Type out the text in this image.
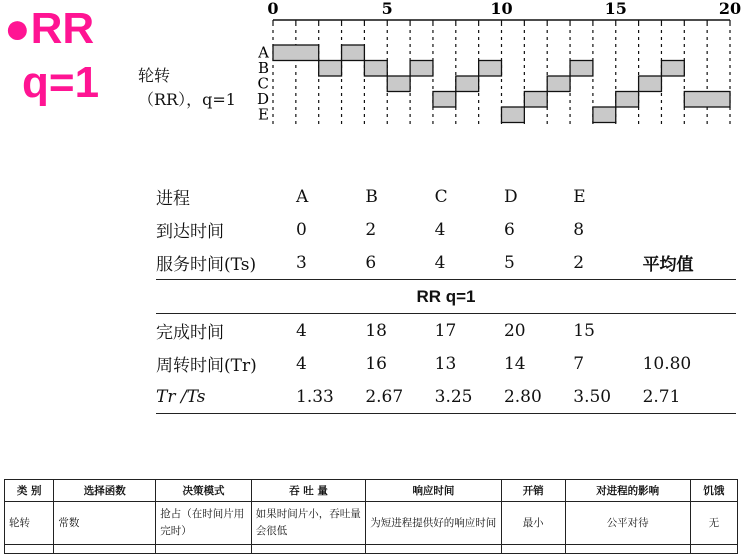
●RR
q=1 轮转
（RR），q=1
0	5	10	15	20
A
B
C
D
E
进程	A	B	C	D	E	
到达时间	0	2	4	6	8	
服务时间(Ts)	3	6	4	5	2	平均值
RR q=1						
完成时间	4	18	17	20	15	
周转时间(Tr)	4	16	13	14	7	10.80
Tr /Ts	1.33	2.67	3.25	2.80	3.50	2.71
类 别	选择函数	决策模式	吞 吐 量	响应时间	开销	对进程的影响	饥饿
轮转	常数	抢占（在时间片用完时）	如果时间片小，吞吐量会很低	为短进程提供好的响应时间	最小	公平对待	无
